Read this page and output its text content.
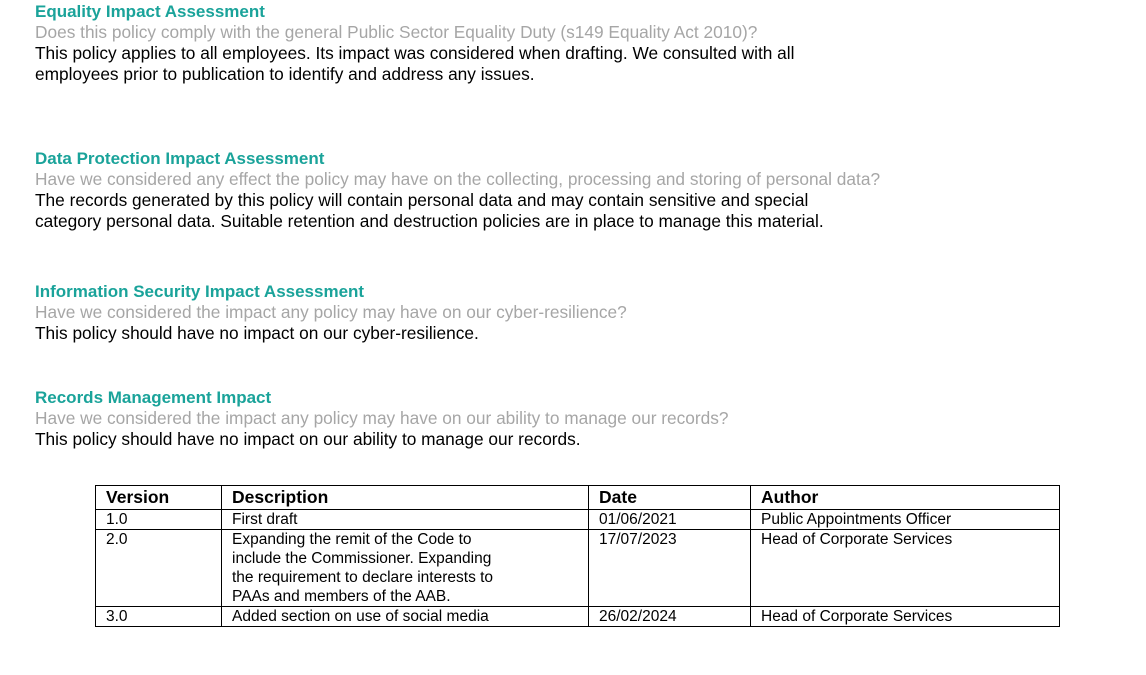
Equality Impact Assessment

Does this policy comply with the general Public Sector Equality Duty (s149 Equality Act 2010)?

This policy applies to all employees. Its impact was considered when drafting. We consulted with all

employees prior to publication to identify and address any issues.

Data Protection Impact Assessment

Have we considered any effect the policy may have on the collecting, processing and storing of personal data?

The records generated by this policy will contain personal data and may contain sensitive and special

category personal data. Suitable retention and destruction policies are in place to manage this material.

Information Security Impact Assessment

Have we considered the impact any policy may have on our cyber-resilience?

This policy should have no impact on our cyber-resilience.

Records Management Impact

Have we considered the impact any policy may have on our ability to manage our records?

This policy should have no impact on our ability to manage our records.

Version	Description	Date	Author
1.0	First draft	01/06/2021	Public Appointments Officer
2.0	Expanding the remit of the Code to
include the Commissioner. Expanding
the requirement to declare interests to
PAAs and members of the AAB.	17/07/2023	Head of Corporate Services
3.0	Added section on use of social media	26/02/2024	Head of Corporate Services
